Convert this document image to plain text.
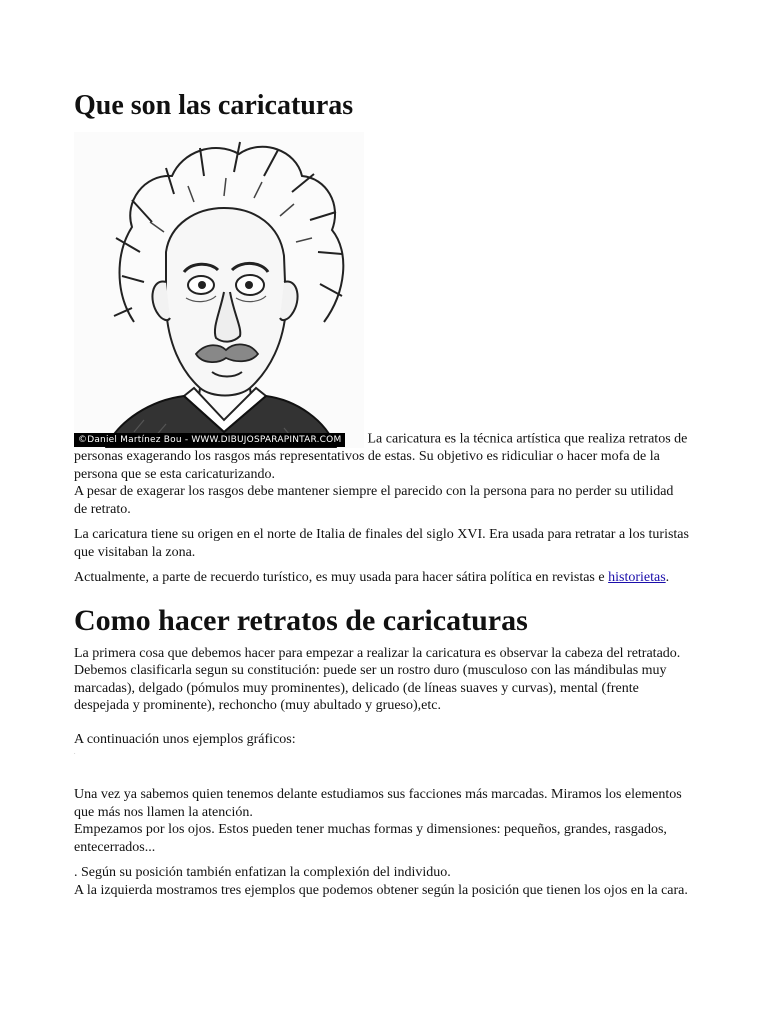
Que son las caricaturas

©Daniel Martínez Bou - WWW.DIBUJOSPARAPINTAR.COM La caricatura es la técnica artística que realiza retratos de personas exagerando los rasgos más representativos de estas. Su objetivo es ridiculiar o hacer mofa de la persona que se esta caricaturizando.
A pesar de exagerar los rasgos debe mantener siempre el parecido con la persona para no perder su utilidad de retrato.

La caricatura tiene su origen en el norte de Italia de finales del siglo XVI. Era usada para retratar a los turistas que visitaban la zona.

Actualmente, a parte de recuerdo turístico, es muy usada para hacer sátira política en revistas e historietas.

Como hacer retratos de caricaturas

La primera cosa que debemos hacer para empezar a realizar la caricatura es observar la cabeza del retratado. Debemos clasificarla segun su constitución: puede ser un rostro duro (musculoso con las mándibulas muy marcadas), delgado (pómulos muy prominentes), delicado (de líneas suaves y curvas), mental (frente despejada y prominente), rechoncho (muy abultado y grueso),etc.

A continuación unos ejemplos gráficos:

.

Una vez ya sabemos quien tenemos delante estudiamos sus facciones más marcadas. Miramos los elementos que más nos llamen la atención.
Empezamos por los ojos. Estos pueden tener muchas formas y dimensiones: pequeños, grandes, rasgados, entecerrados...

. Según su posición también enfatizan la complexión del individuo.
A la izquierda mostramos tres ejemplos que podemos obtener según la posición que tienen los ojos en la cara.
